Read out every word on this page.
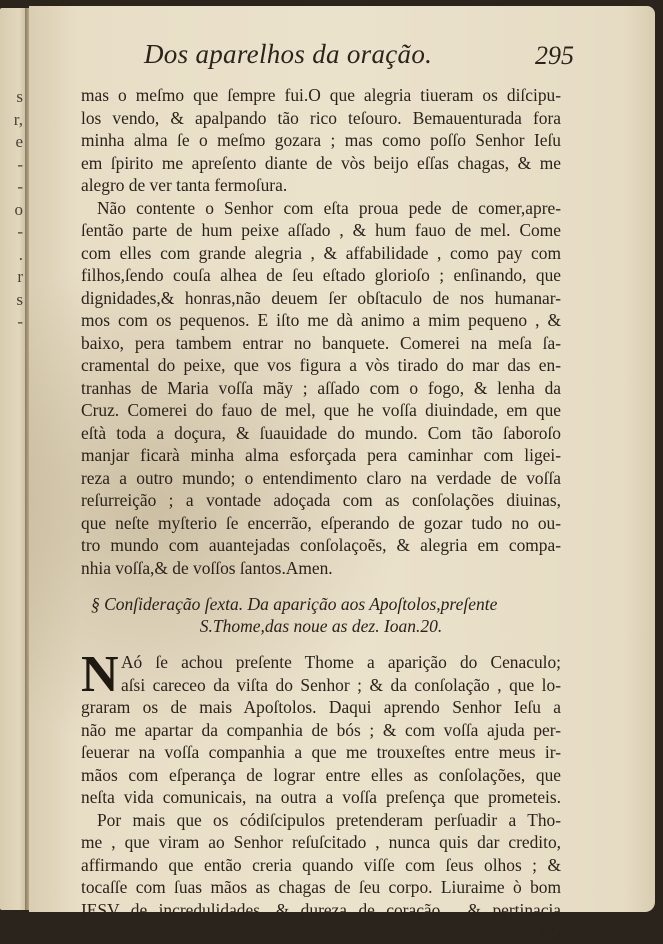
s
r,
e
-
-
o
-
.
r
s
-
Dos aparelhos da oração.	295
mas o meſmo que ſempre fui.O que alegria tiueram os diſcipu-
los vendo, & apalpando tão rico teſouro. Bemauenturada fora
minha alma ſe o meſmo gozara ; mas como poſſo Senhor Ieſu
em ſpirito me apreſento diante de vòs beijo eſſas chagas, & me
alegro de ver tanta fermoſura.
Não contente o Senhor com eſta proua pede de comer,apre-
ſentão parte de hum peixe aſſado , & hum fauo de mel. Come
com elles com grande alegria , & affabilidade , como pay com
filhos,ſendo couſa alhea de ſeu eſtado glorioſo ; enſinando, que
dignidades,& honras,não deuem ſer obſtaculo de nos humanar-
mos com os pequenos. E iſto me dà animo a mim pequeno , &
baixo, pera tambem entrar no banquete. Comerei na meſa ſa-
cramental do peixe, que vos figura a vòs tirado do mar das en-
tranhas de Maria voſſa mãy ; aſſado com o fogo, & lenha da
Cruz. Comerei do fauo de mel, que he voſſa diuindade, em que
eſtà toda a doçura, & ſuauidade do mundo. Com tão ſaboroſo
manjar ficarà minha alma esforçada pera caminhar com ligei-
reza a outro mundo; o entendimento claro na verdade de voſſa
reſurreição ; a vontade adoçada com as conſolações diuinas,
que neſte myſterio ſe encerrão, eſperando de gozar tudo no ou-
tro mundo com auantejadas conſolaçoẽs, & alegria em compa-
nhia voſſa,& de voſſos ſantos.Amen.
§ Conſideração ſexta. Da aparição aos Apoſtolos,preſente
S.Thome,das noue as dez. Ioan.20.
N Aó ſe achou preſente Thome a aparição do Cenaculo;
aſsi careceo da viſta do Senhor ; & da conſolação , que lo-
graram os de mais Apoſtolos. Daqui aprendo Senhor Ieſu a
não me apartar da companhia de bós ; & com voſſa ajuda per-
ſeuerar na voſſa companhia a que me trouxeſtes entre meus ir-
mãos com eſperança de lograr entre elles as conſolações, que
neſta vida comunicais, na outra a voſſa preſença que prometeis.
Por mais que os códiſcipulos pretenderam perſuadir a Tho-
me , que viram ao Senhor reſuſcitado , nunca quis dar credito,
affirmando que então creria quando viſſe com ſeus olhos ; &
tocaſſe com ſuas mãos as chagas de ſeu corpo. Liuraime ò bom
IESV de incredulidades, & dureza de coração , & pertinacia
em
